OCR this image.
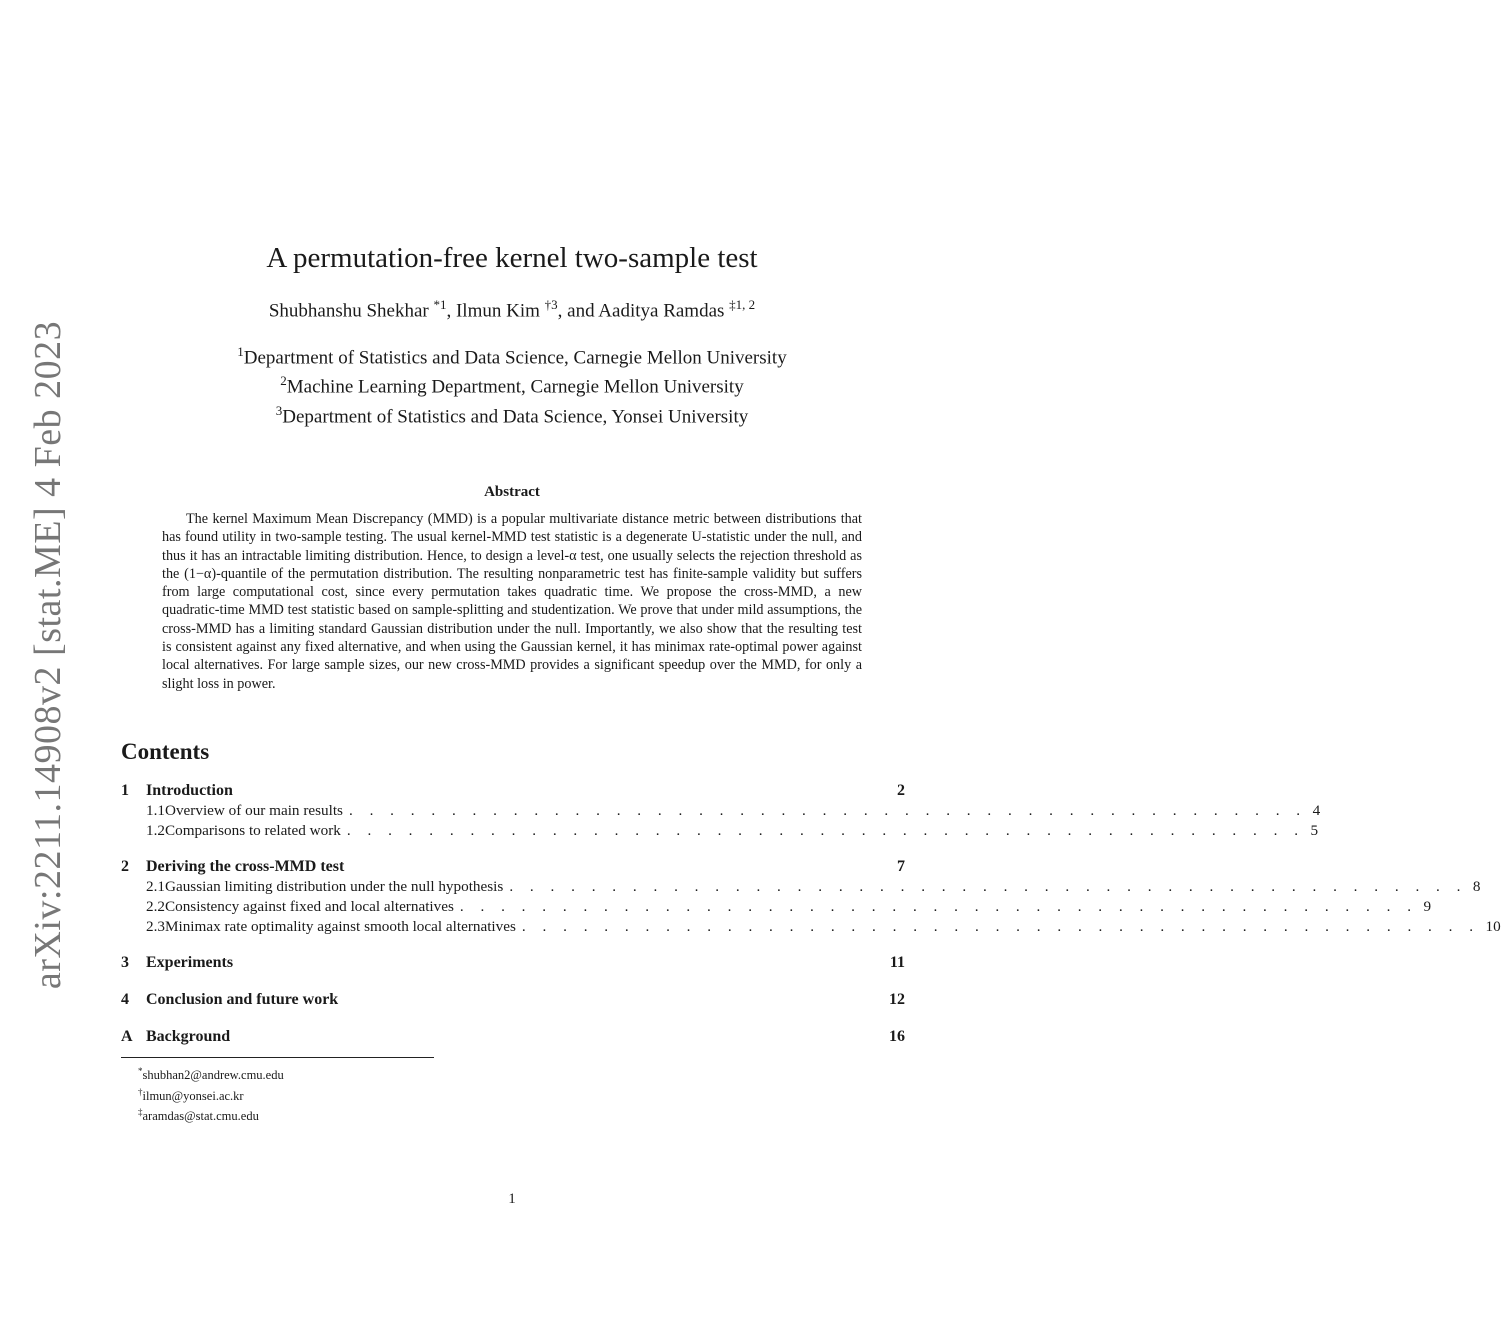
arXiv:2211.14908v2 [stat.ME] 4 Feb 2023
A permutation-free kernel two-sample test
Shubhanshu Shekhar $^{*1}$, Ilmun Kim $^{\dagger 3}$, and Aaditya Ramdas $^{\ddagger 1, 2}$
$^1$Department of Statistics and Data Science, Carnegie Mellon University
$^2$Machine Learning Department, Carnegie Mellon University
$^3$Department of Statistics and Data Science, Yonsei University
Abstract
The kernel Maximum Mean Discrepancy (MMD) is a popular multivariate distance metric between distributions that has found utility in two-sample testing. The usual kernel-MMD test statistic is a degenerate U-statistic under the null, and thus it has an intractable limiting distribution. Hence, to design a level-α test, one usually selects the rejection threshold as the (1−α)-quantile of the permutation distribution. The resulting nonparametric test has finite-sample validity but suffers from large computational cost, since every permutation takes quadratic time. We propose the cross-MMD, a new quadratic-time MMD test statistic based on sample-splitting and studentization. We prove that under mild assumptions, the cross-MMD has a limiting standard Gaussian distribution under the null. Importantly, we also show that the resulting test is consistent against any fixed alternative, and when using the Gaussian kernel, it has minimax rate-optimal power against local alternatives. For large sample sizes, our new cross-MMD provides a significant speedup over the MMD, for only a slight loss in power.
Contents
1	Introduction	2
1.1 Overview of our main results . . . . . . . . . . . . . . . . . . . . . . . . . . . . . . . . . . . . . . . . . . . . . . . 4
1.2 Comparisons to related work . . . . . . . . . . . . . . . . . . . . . . . . . . . . . . . . . . . . . . . . . . . . . . . 5
2	Deriving the cross-MMD test	7
2.1 Gaussian limiting distribution under the null hypothesis . . . . . . . . . . . . . . . . . . . . . . . . . . . . . . . . . . . . . . . . . . . . . . . 8
2.2 Consistency against fixed and local alternatives . . . . . . . . . . . . . . . . . . . . . . . . . . . . . . . . . . . . . . . . . . . . . . . 9
2.3 Minimax rate optimality against smooth local alternatives . . . . . . . . . . . . . . . . . . . . . . . . . . . . . . . . . . . . . . . . . . . . . . . 10
3	Experiments	11
4	Conclusion and future work	12
A Background	16
*shubhan2@andrew.cmu.edu
†ilmun@yonsei.ac.kr
‡aramdas@stat.cmu.edu
1
